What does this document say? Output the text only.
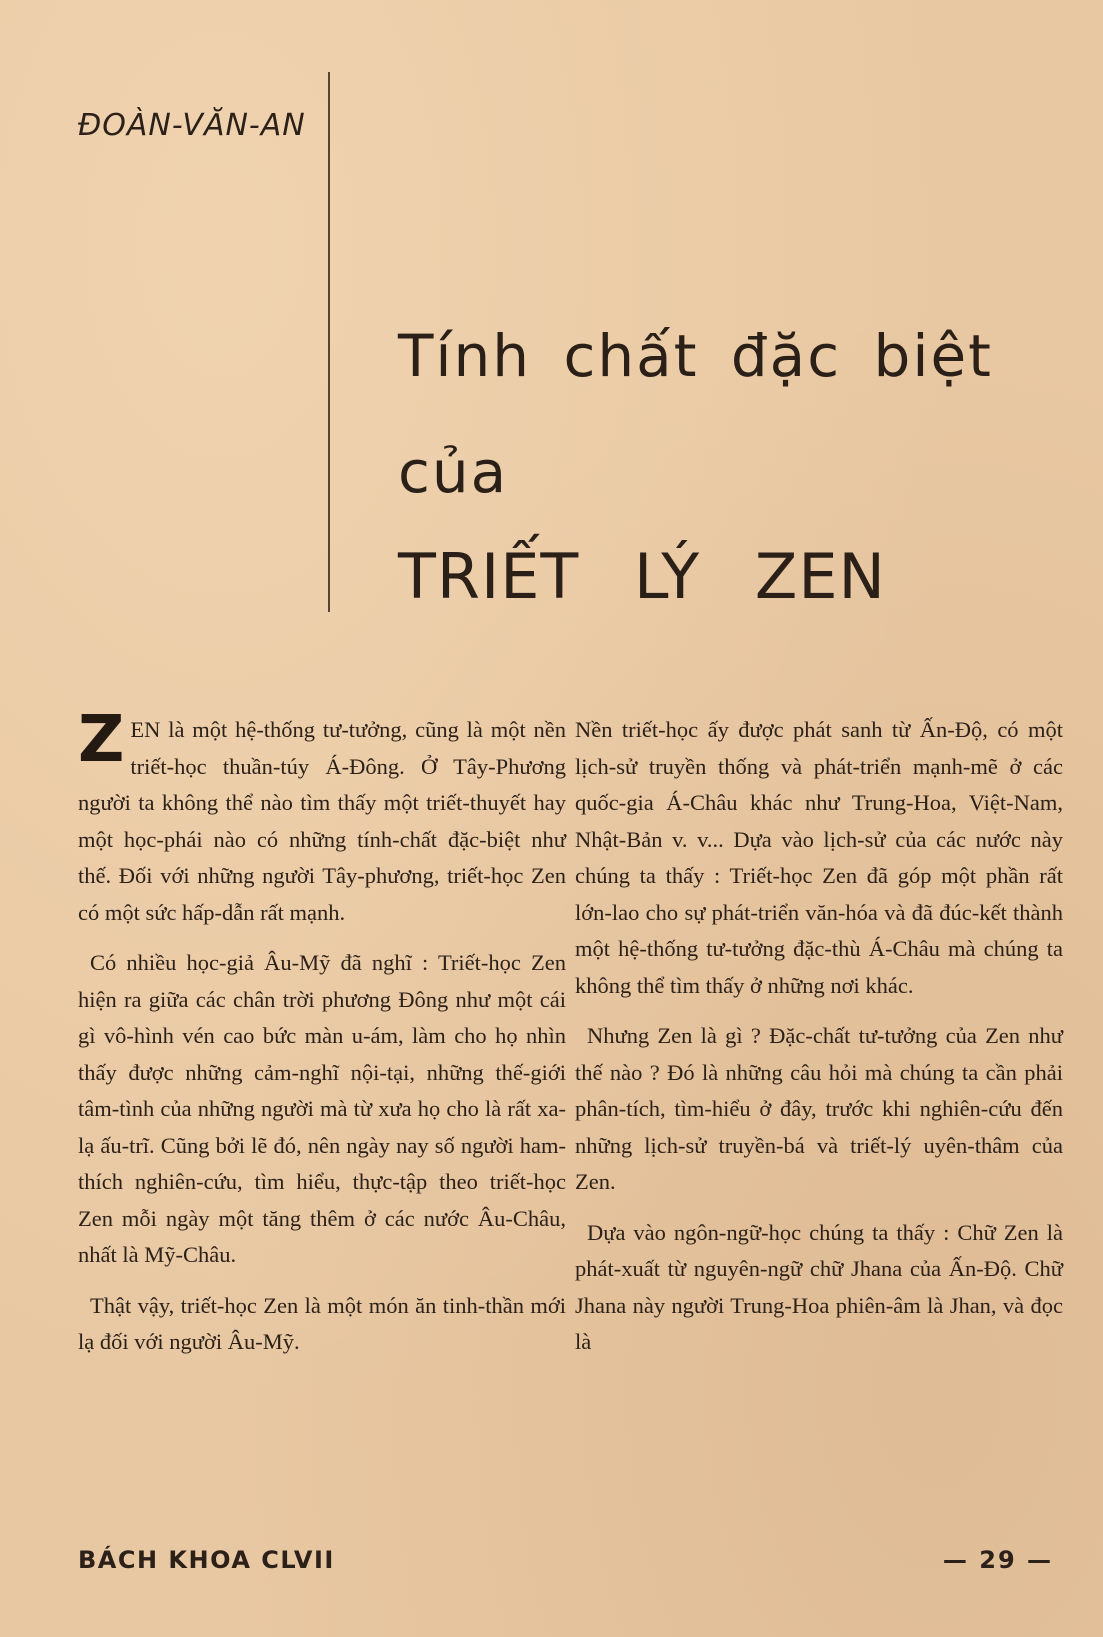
ĐOÀN-VĂN-AN
Tính chất đặc biệt
của
TRIẾT LÝ ZEN

ZEN là một hệ-thống tư-tưởng, cũng là một nền triết-học thuần-túy Á-Đông. Ở Tây-Phương người ta không thể nào tìm thấy một triết-thuyết hay một học-phái nào có những tính-chất đặc-biệt như thế. Đối với những người Tây-phương, triết-học Zen có một sức hấp-dẫn rất mạnh.

Có nhiều học-giả Âu-Mỹ đã nghĩ : Triết-học Zen hiện ra giữa các chân trời phương Đông như một cái gì vô-hình vén cao bức màn u-ám, làm cho họ nhìn thấy được những cảm-nghĩ nội-tại, những thế-giới tâm-tình của những người mà từ xưa họ cho là rất xa-lạ ấu-trĩ. Cũng bởi lẽ đó, nên ngày nay số người ham-thích nghiên-cứu, tìm hiểu, thực-tập theo triết-học Zen mỗi ngày một tăng thêm ở các nước Âu-Châu, nhất là Mỹ-Châu.

Thật vậy, triết-học Zen là một món ăn tinh-thần mới lạ đối với người Âu-Mỹ.

Nền triết-học ấy được phát sanh từ Ấn-Độ, có một lịch-sử truyền thống và phát-triển mạnh-mẽ ở các quốc-gia Á-Châu khác như Trung-Hoa, Việt-Nam, Nhật-Bản v. v... Dựa vào lịch-sử của các nước này chúng ta thấy : Triết-học Zen đã góp một phần rất lớn-lao cho sự phát-triển văn-hóa và đã đúc-kết thành một hệ-thống tư-tưởng đặc-thù Á-Châu mà chúng ta không thể tìm thấy ở những nơi khác.

Nhưng Zen là gì ? Đặc-chất tư-tưởng của Zen như thế nào ? Đó là những câu hỏi mà chúng ta cần phải phân-tích, tìm-hiểu ở đây, trước khi nghiên-cứu đến những lịch-sử truyền-bá và triết-lý uyên-thâm của Zen.

Dựa vào ngôn-ngữ-học chúng ta thấy : Chữ Zen là phát-xuất từ nguyên-ngữ chữ Jhana của Ấn-Độ. Chữ Jhana này người Trung-Hoa phiên-âm là Jhan, và đọc là

BÁCH KHOA CLVII	— 29 —
